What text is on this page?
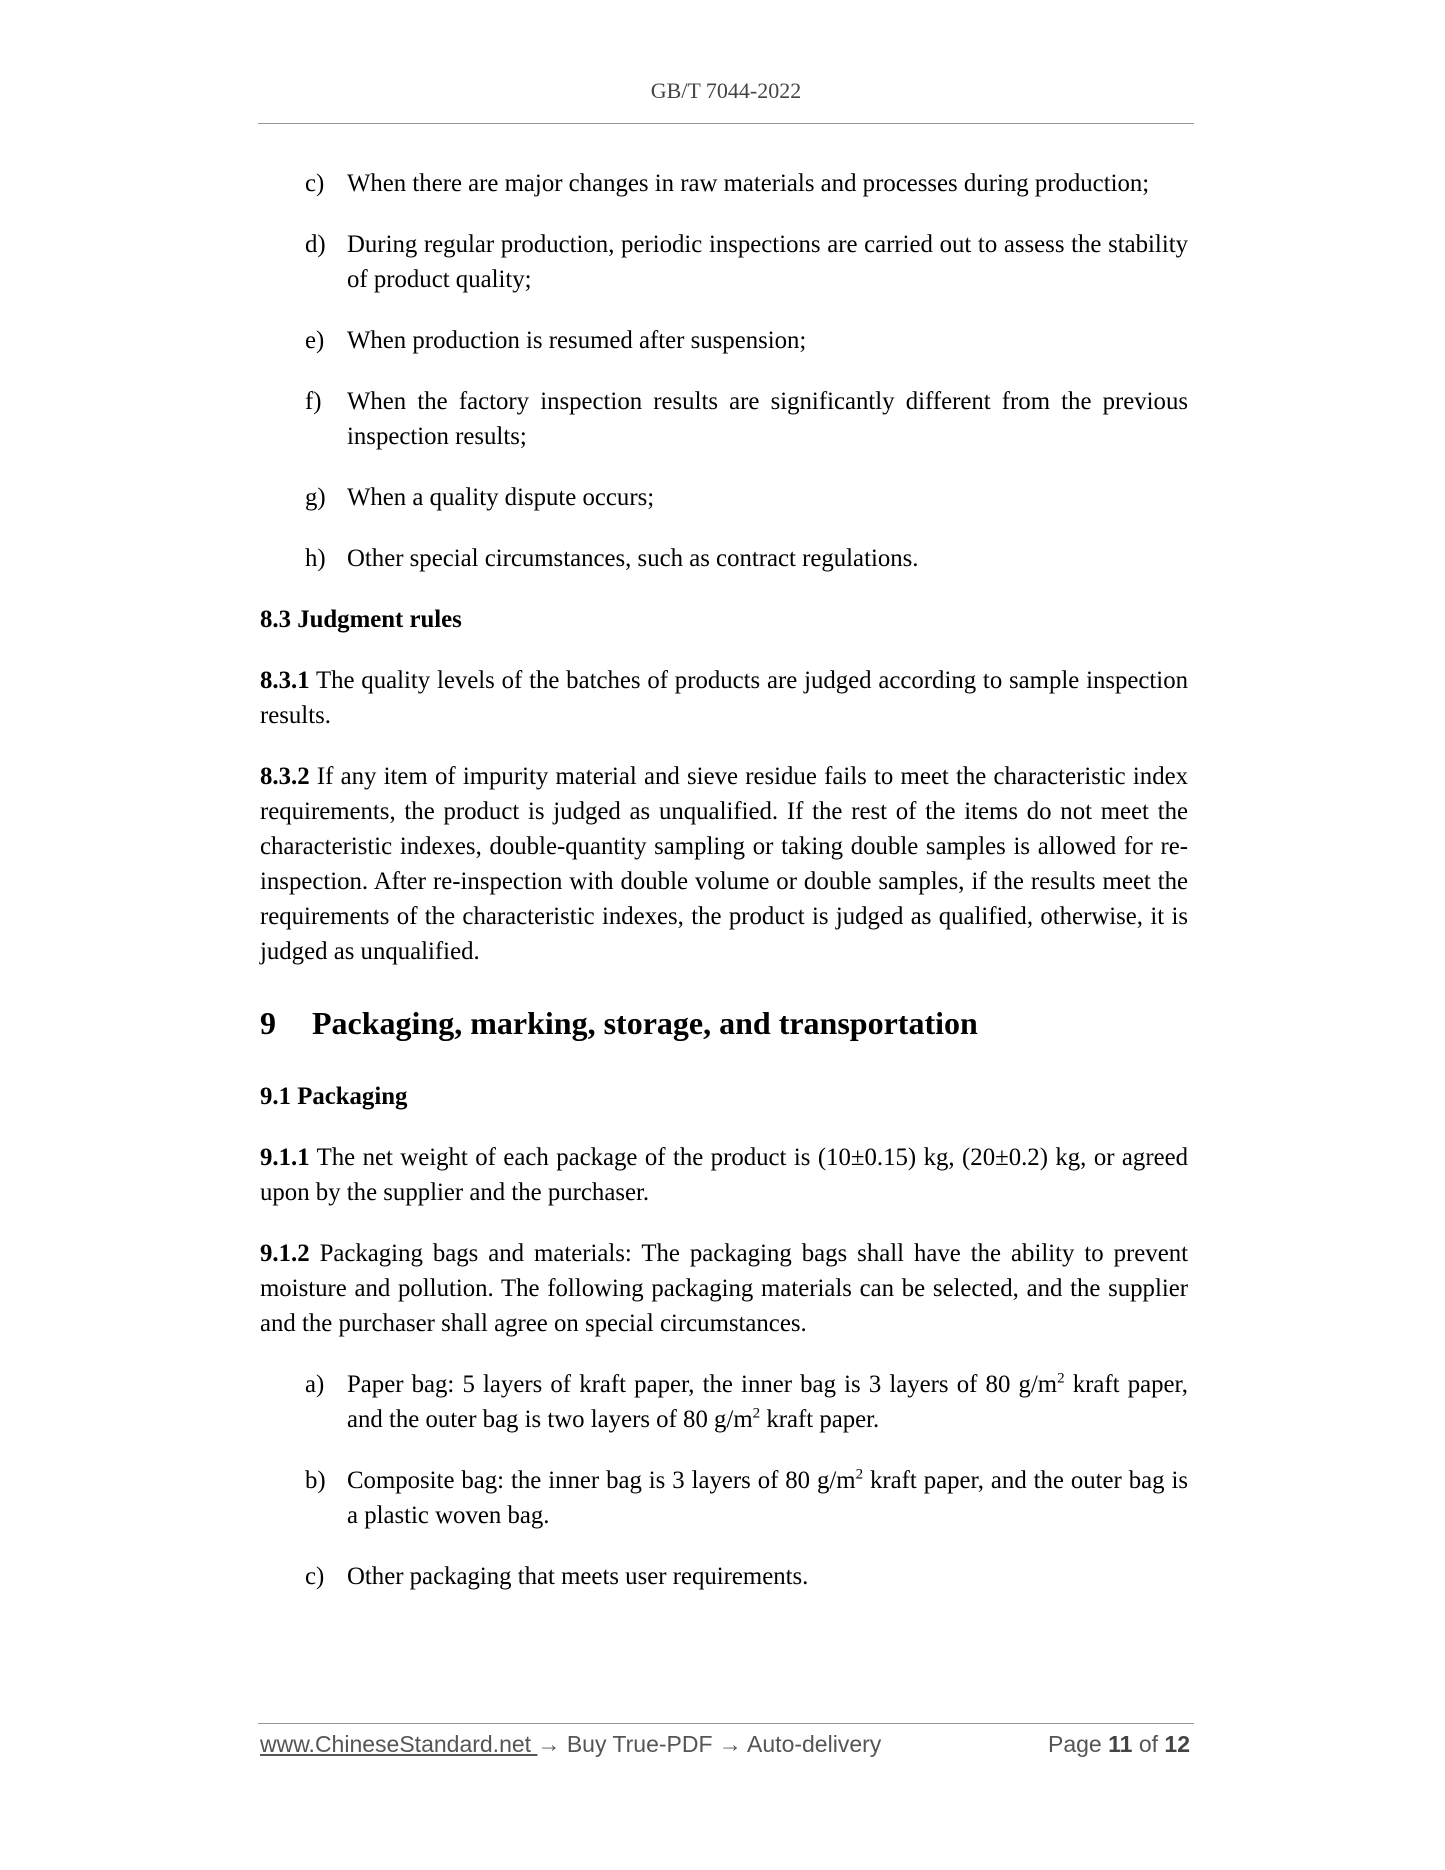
GB/T 7044-2022
c) When there are major changes in raw materials and processes during production;
d) During regular production, periodic inspections are carried out to assess the stability of product quality;
e) When production is resumed after suspension;
f) When the factory inspection results are significantly different from the previous inspection results;
g) When a quality dispute occurs;
h) Other special circumstances, such as contract regulations.
8.3 Judgment rules
8.3.1 The quality levels of the batches of products are judged according to sample inspection results.
8.3.2 If any item of impurity material and sieve residue fails to meet the characteristic index requirements, the product is judged as unqualified. If the rest of the items do not meet the characteristic indexes, double-quantity sampling or taking double samples is allowed for re-inspection. After re-inspection with double volume or double samples, if the results meet the requirements of the characteristic indexes, the product is judged as qualified, otherwise, it is judged as unqualified.
9	Packaging, marking, storage, and transportation
9.1 Packaging
9.1.1 The net weight of each package of the product is (10±0.15) kg, (20±0.2) kg, or agreed upon by the supplier and the purchaser.
9.1.2 Packaging bags and materials: The packaging bags shall have the ability to prevent moisture and pollution. The following packaging materials can be selected, and the supplier and the purchaser shall agree on special circumstances.
a) Paper bag: 5 layers of kraft paper, the inner bag is 3 layers of 80 $g/m^2$ kraft paper, and the outer bag is two layers of 80 $g/m^2$ kraft paper.
b) Composite bag: the inner bag is 3 layers of 80 $g/m^2$ kraft paper, and the outer bag is a plastic woven bag.
c) Other packaging that meets user requirements.
www.ChineseStandard.net → Buy True-PDF → Auto-delivery	Page 11 of 12
